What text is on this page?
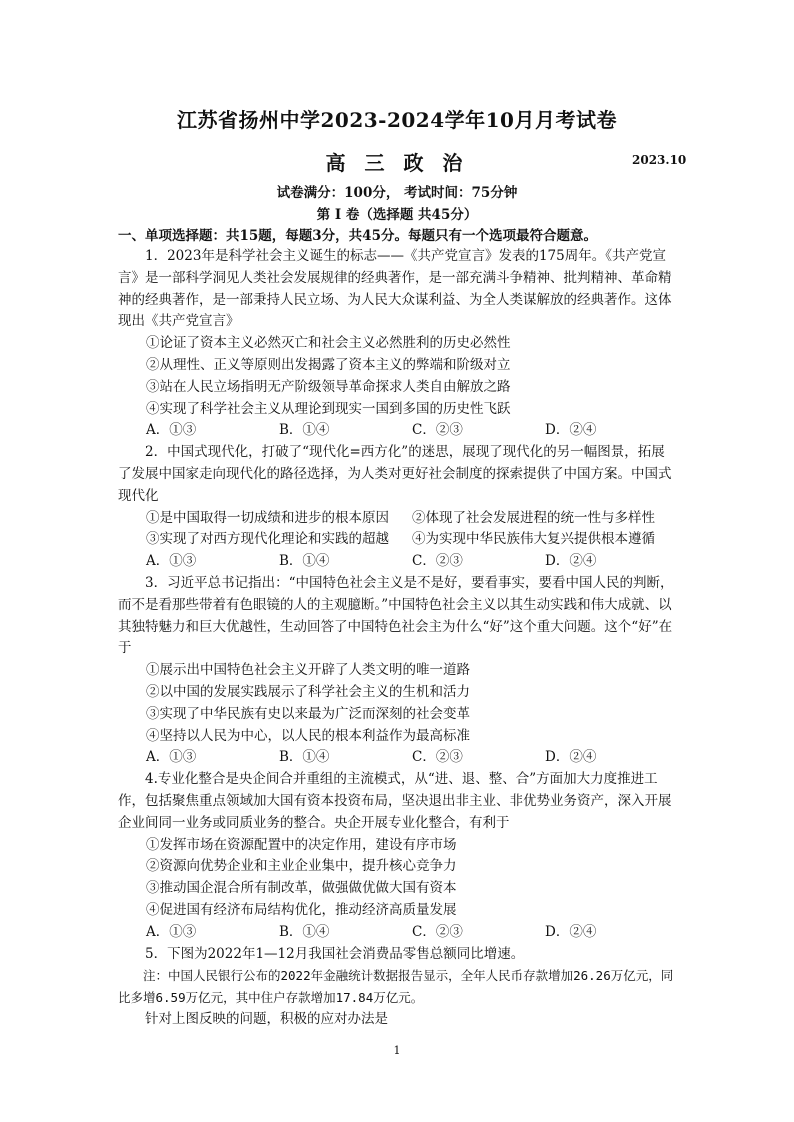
江苏省扬州中学2023-2024学年10月月考试卷
高 三 政 治	2023.10
试卷满分：100分， 考试时间：75分钟
第 Ⅰ 卷（选择题 共45分）
一、单项选择题：共15题，每题3分，共45分。每题只有一个选项最符合题意。

1．2023年是科学社会主义诞生的标志——《共产党宣言》发表的175周年。《共产党宣言》是一部科学洞见人类社会发展规律的经典著作，是一部充满斗争精神、批判精神、革命精神的经典著作，是一部秉持人民立场、为人民大众谋利益、为全人类谋解放的经典著作。这体现出《共产党宣言》

①论证了资本主义必然灭亡和社会主义必然胜利的历史必然性

②从理性、正义等原则出发揭露了资本主义的弊端和阶级对立

③站在人民立场指明无产阶级领导革命探求人类自由解放之路

④实现了科学社会主义从理论到现实一国到多国的历史性飞跃

A．①③	B．①④	C．②③	D．②④

2．中国式现代化，打破了“现代化=西方化”的迷思，展现了现代化的另一幅图景，拓展了发展中国家走向现代化的路径选择，为人类对更好社会制度的探索提供了中国方案。中国式现代化

①是中国取得一切成绩和进步的根本原因	②体现了社会发展进程的统一性与多样性

③实现了对西方现代化理论和实践的超越	④为实现中华民族伟大复兴提供根本遵循

A．①③	B．①④	C．②③	D．②④

3．习近平总书记指出：“中国特色社会主义是不是好，要看事实，要看中国人民的判断，而不是看那些带着有色眼镜的人的主观臆断。”中国特色社会主义以其生动实践和伟大成就、以其独特魅力和巨大优越性，生动回答了中国特色社会主为什么“好”这个重大问题。这个“好”在于

①展示出中国特色社会主义开辟了人类文明的唯一道路

②以中国的发展实践展示了科学社会主义的生机和活力

③实现了中华民族有史以来最为广泛而深刻的社会变革

④坚持以人民为中心，以人民的根本利益作为最高标准

A．①③	B．①④	C．②③	D．②④

4.专业化整合是央企间合并重组的主流模式，从“进、退、整、合”方面加大力度推进工作，包括聚焦重点领域加大国有资本投资布局，坚决退出非主业、非优势业务资产，深入开展企业间同一业务或同质业务的整合。央企开展专业化整合，有利于

①发挥市场在资源配置中的决定作用，建设有序市场

②资源向优势企业和主业企业集中，提升核心竞争力

③推动国企混合所有制改革，做强做优做大国有资本

④促进国有经济布局结构优化，推动经济高质量发展

A．①③	B．①④	C．②③	D．②④

5．下图为2022年1—12月我国社会消费品零售总额同比增速。

注：中国人民银行公布的2022年金融统计数据报告显示，全年人民币存款增加26.26万亿元，同比多增6.59万亿元，其中住户存款增加17.84万亿元。

针对上图反映的问题，积极的应对办法是

1
